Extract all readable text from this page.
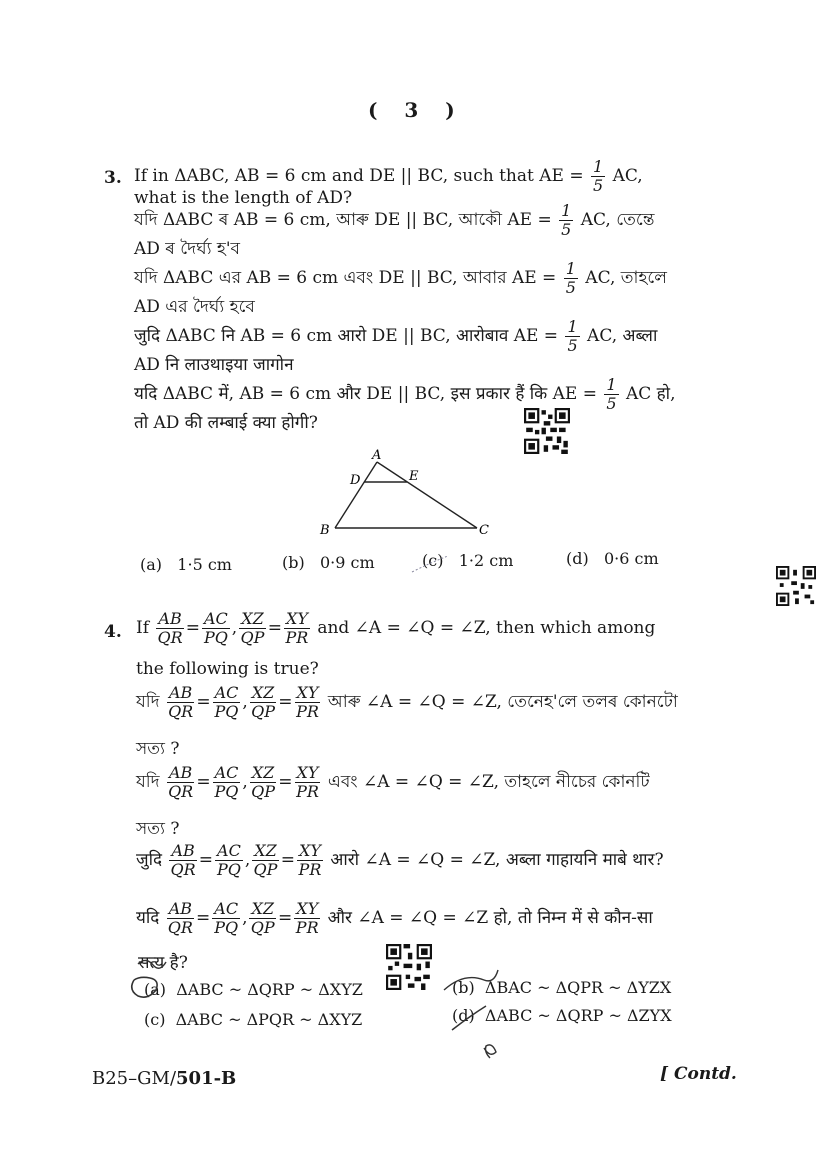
( 3 )
3. If in ΔABC, AB = 6 cm and DE || BC, such that AE = $\frac{1}{5}$ AC,
what is the length of AD?
যদি ΔABC ৰ AB = 6 cm, আৰু DE || BC, আকৌ AE = $\frac{1}{5}$ AC, তেন্তে
AD ৰ দৈৰ্ঘ্য হ'ব
যদি ΔABC এর AB = 6 cm এবং DE || BC, আবার AE = $\frac{1}{5}$ AC, তাহলে
AD এর দৈর্ঘ্য হবে
जुदि ΔABC नि AB = 6 cm आरो DE || BC, आरोबाव AE = $\frac{1}{5}$ AC, अब्ला
AD नि लाउथाइया जागोन
यदि ΔABC में, AB = 6 cm और DE || BC, इस प्रकार हैं कि AE = $\frac{1}{5}$ AC हो,
तो AD की लम्बाई क्या होगी?
A
D	E
B	C
(a) 1·5 cm	(b) 0·9 cm	(c) 1·2 cm	(d) 0·6 cm
4. If $\frac{AB}{QR} = \frac{AC}{PQ}$ , $\frac{XZ}{QP} = \frac{XY}{PR}$ and ∠A = ∠Q = ∠Z, then which among
the following is true?
যদি $\frac{AB}{QR} = \frac{AC}{PQ}$ , $\frac{XZ}{QP} = \frac{XY}{PR}$ আৰু ∠A = ∠Q = ∠Z, তেনেহ'লে তলৰ কোনটো
সত্য ?
যদি $\frac{AB}{QR} = \frac{AC}{PQ}$ , $\frac{XZ}{QP} = \frac{XY}{PR}$ এবং ∠A = ∠Q = ∠Z, তাহলে নীচের কোনটি
সত্য ?
जुदि $\frac{AB}{QR} = \frac{AC}{PQ}$ , $\frac{XZ}{QP} = \frac{XY}{PR}$ आरो ∠A = ∠Q = ∠Z, अब्ला गाहायनि माबे थार?
यदि $\frac{AB}{QR} = \frac{AC}{PQ}$ , $\frac{XZ}{QP} = \frac{XY}{PR}$ और ∠A = ∠Q = ∠Z हो, तो निम्न में से कौन-सा
सत्य है?
(a) ΔABC ~ ΔQRP ~ ΔXYZ	(b) ΔBAC ~ ΔQPR ~ ΔYZX
(c) ΔABC ~ ΔPQR ~ ΔXYZ	(d) ΔABC ~ ΔQRP ~ ΔZYX
B25–GM/501-B	[ Contd.
